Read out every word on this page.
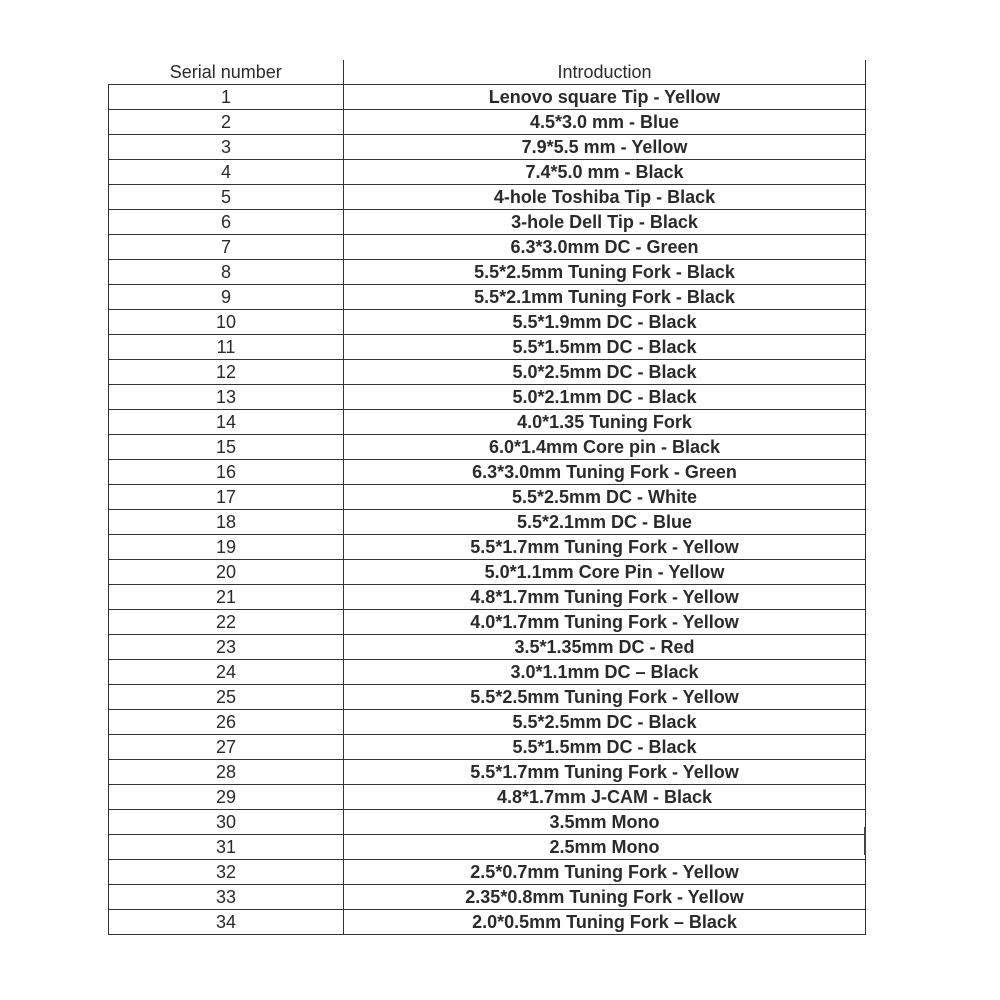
Serial number	Introduction
1	Lenovo square Tip - Yellow
2	4.5*3.0 mm - Blue
3	7.9*5.5 mm - Yellow
4	7.4*5.0 mm - Black
5	4-hole Toshiba Tip - Black
6	3-hole Dell Tip - Black
7	6.3*3.0mm DC - Green
8	5.5*2.5mm Tuning Fork - Black
9	5.5*2.1mm Tuning Fork - Black
10	5.5*1.9mm DC - Black
11	5.5*1.5mm DC - Black
12	5.0*2.5mm DC - Black
13	5.0*2.1mm DC - Black
14	4.0*1.35 Tuning Fork
15	6.0*1.4mm Core pin - Black
16	6.3*3.0mm Tuning Fork - Green
17	5.5*2.5mm DC - White
18	5.5*2.1mm DC - Blue
19	5.5*1.7mm Tuning Fork - Yellow
20	5.0*1.1mm Core Pin - Yellow
21	4.8*1.7mm Tuning Fork - Yellow
22	4.0*1.7mm Tuning Fork - Yellow
23	3.5*1.35mm DC - Red
24	3.0*1.1mm DC – Black
25	5.5*2.5mm Tuning Fork - Yellow
26	5.5*2.5mm DC - Black
27	5.5*1.5mm DC - Black
28	5.5*1.7mm Tuning Fork - Yellow
29	4.8*1.7mm J-CAM - Black
30	3.5mm Mono
31	2.5mm Mono
32	2.5*0.7mm Tuning Fork - Yellow
33	2.35*0.8mm Tuning Fork - Yellow
34	2.0*0.5mm Tuning Fork – Black
